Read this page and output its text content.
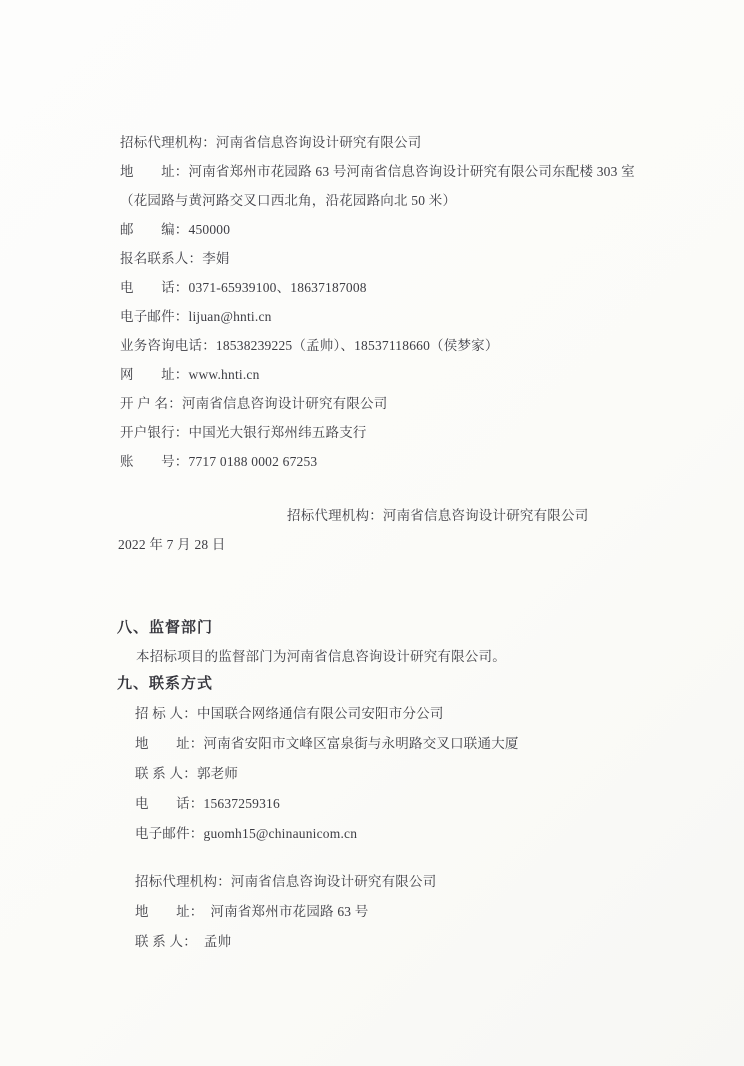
招标代理机构：河南省信息咨询设计研究有限公司

地　　址：河南省郑州市花园路 63 号河南省信息咨询设计研究有限公司东配楼 303 室（花园路与黄河路交叉口西北角，沿花园路向北 50 米）

邮　　编：450000

报名联系人：李娟

电　　话：0371-65939100、18637187008

电子邮件：lijuan@hnti.cn

业务咨询电话：18538239225（孟帅）、18537118660（侯梦家）

网　　址：www.hnti.cn

开 户 名：河南省信息咨询设计研究有限公司

开户银行：中国光大银行郑州纬五路支行

账　　号：7717 0188 0002 67253

招标代理机构：河南省信息咨询设计研究有限公司

2022 年 7 月 28 日

八、监督部门

本招标项目的监督部门为河南省信息咨询设计研究有限公司。

九、联系方式

招 标 人：中国联合网络通信有限公司安阳市分公司

地　　址：河南省安阳市文峰区富泉街与永明路交叉口联通大厦

联 系 人：郭老师

电　　话：15637259316

电子邮件：guomh15@chinaunicom.cn

招标代理机构：河南省信息咨询设计研究有限公司

地　　址：　河南省郑州市花园路 63 号

联 系 人：　孟帅
